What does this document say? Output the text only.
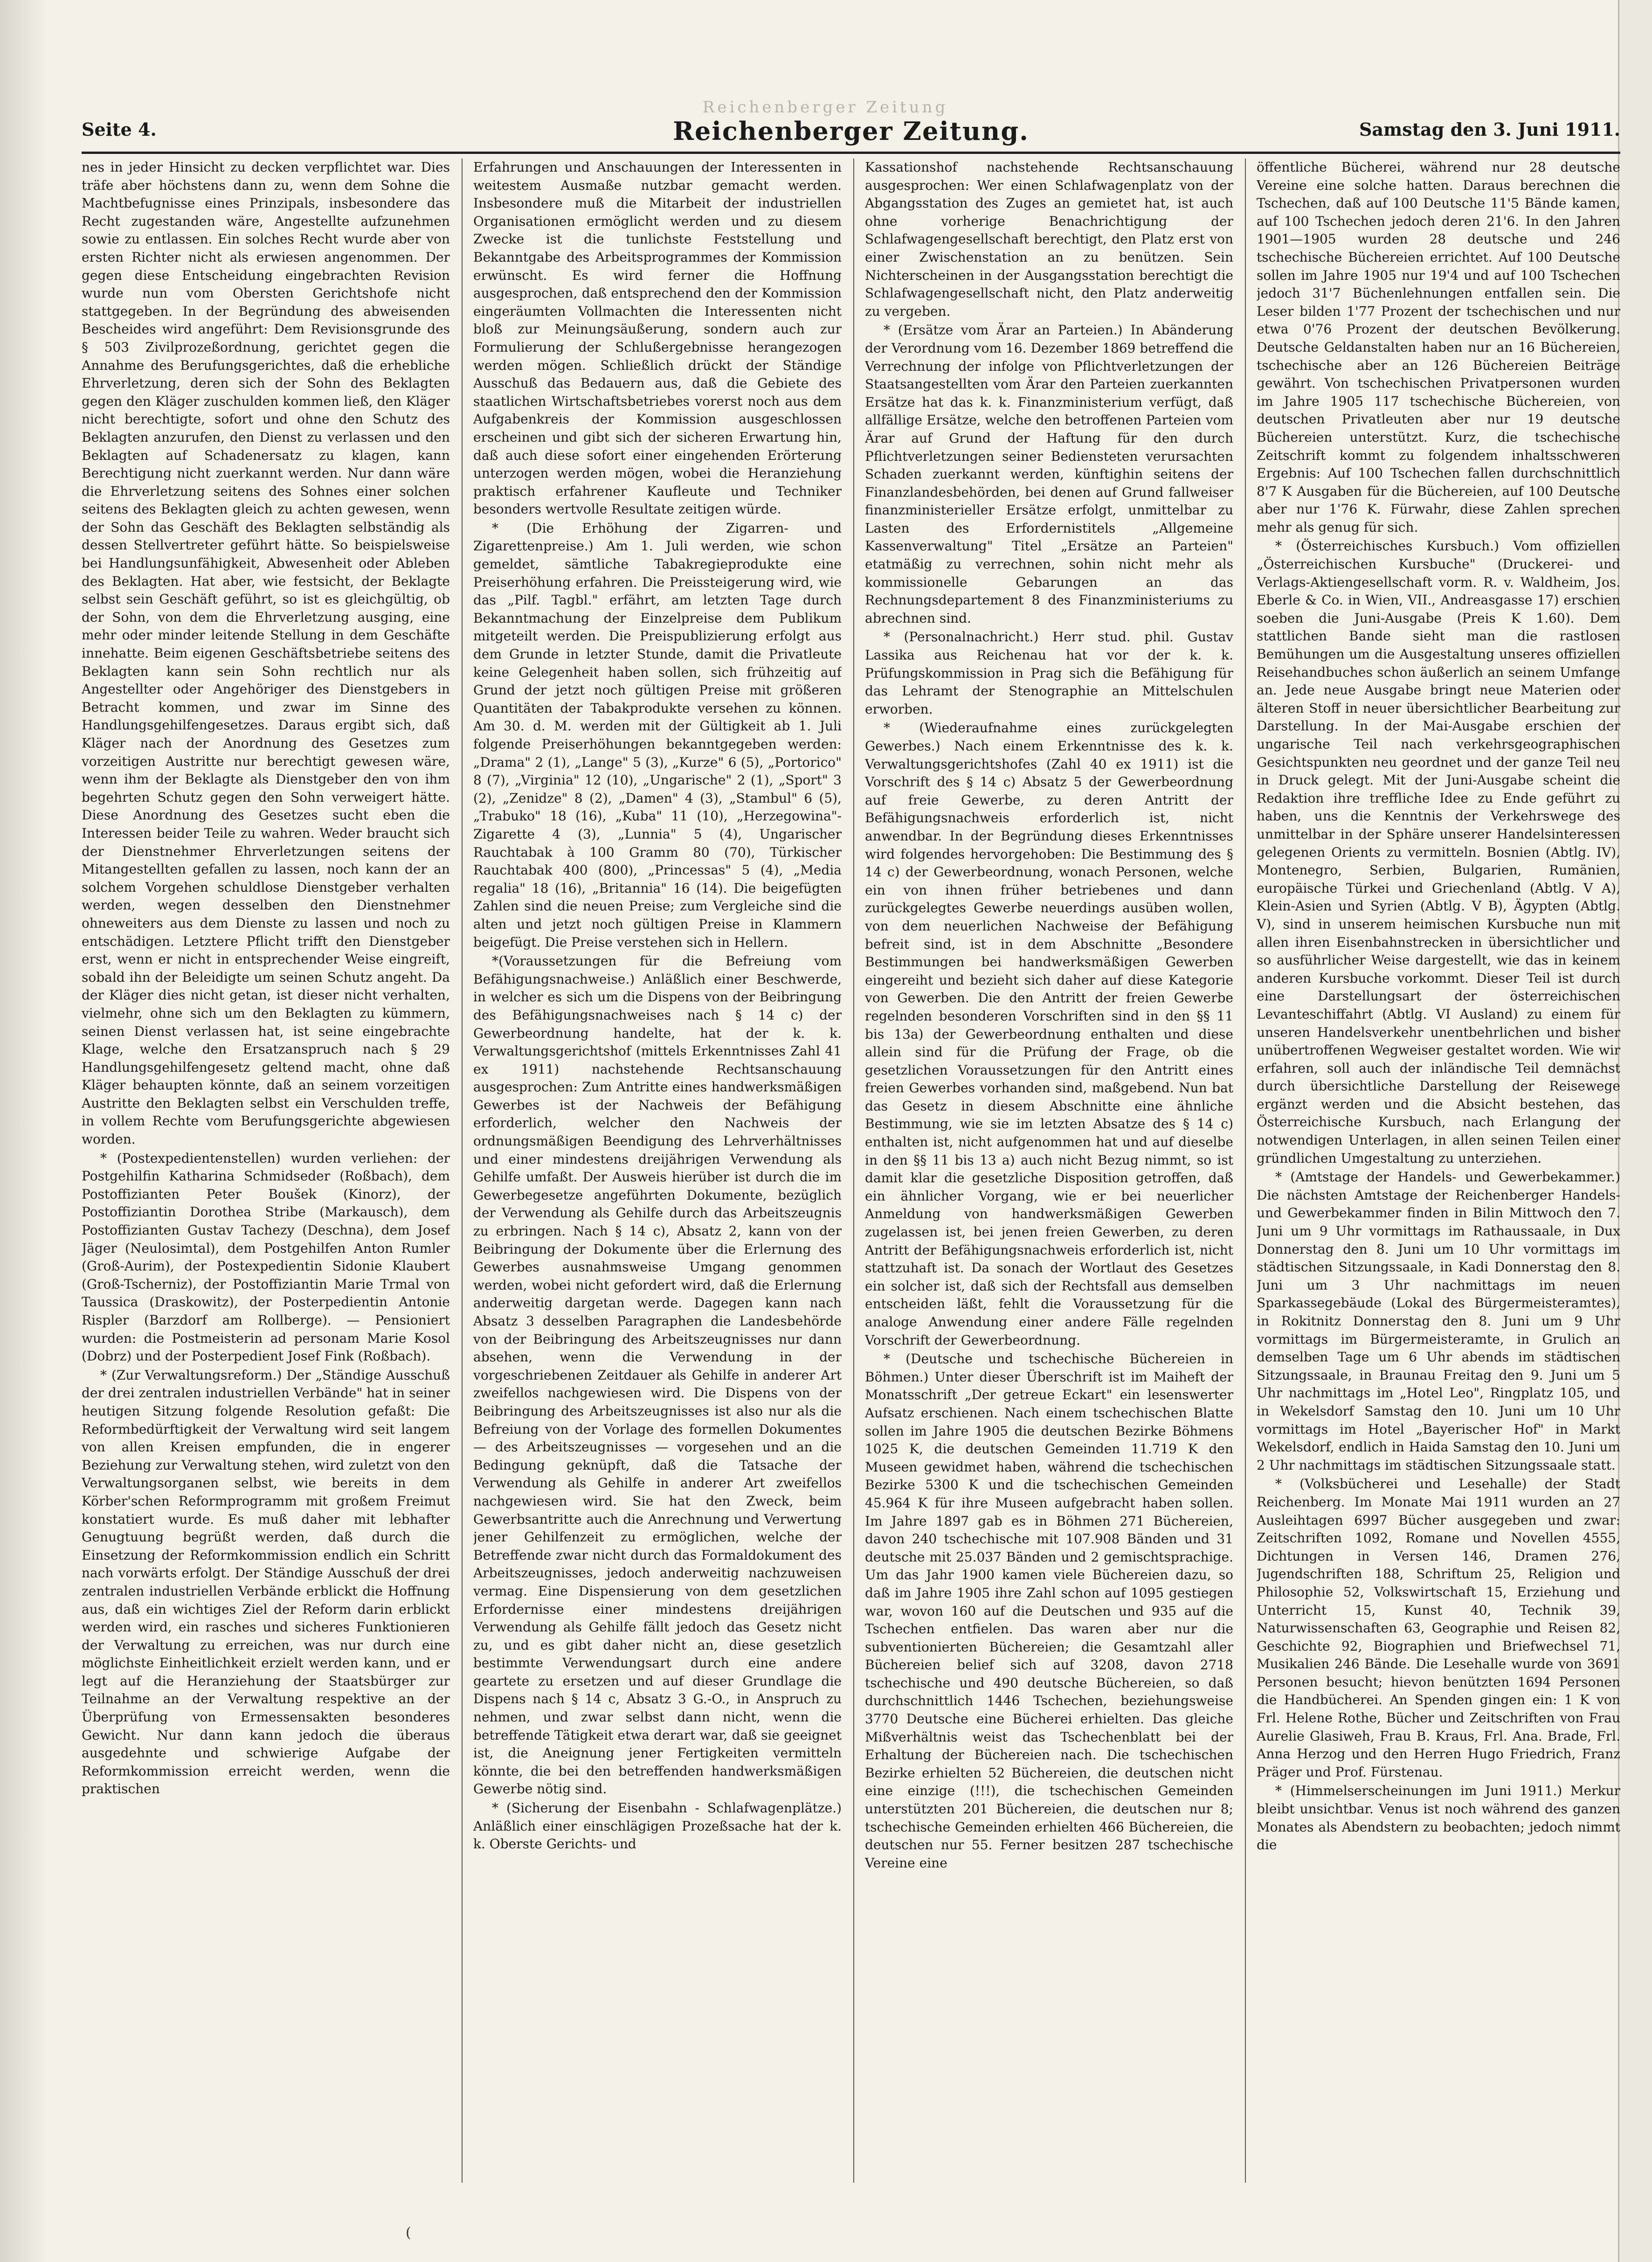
Reichenberger Zeitung
Seite 4.	Reichenberger Zeitung.	Samstag den 3. Juni 1911.

nes in jeder Hinsicht zu decken verpflichtet war. Dies träfe aber höchstens dann zu, wenn dem Sohne die Machtbefugnisse eines Prinzipals, insbesondere das Recht zugestanden wäre, Angestellte aufzunehmen sowie zu entlassen. Ein solches Recht wurde aber von ersten Richter nicht als erwiesen angenommen. Der gegen diese Entscheidung eingebrachten Revision wurde nun vom Obersten Gerichtshofe nicht stattgegeben. In der Begründung des abweisenden Bescheides wird angeführt: Dem Revisionsgrunde des § 503 Zivilprozeßordnung, gerichtet gegen die Annahme des Berufungsgerichtes, daß die erhebliche Ehrverletzung, deren sich der Sohn des Beklagten gegen den Kläger zuschulden kommen ließ, den Kläger nicht berechtigte, sofort und ohne den Schutz des Beklagten anzurufen, den Dienst zu verlassen und den Beklagten auf Schadenersatz zu klagen, kann Berechtigung nicht zuerkannt werden. Nur dann wäre die Ehrverletzung seitens des Sohnes einer solchen seitens des Beklagten gleich zu achten gewesen, wenn der Sohn das Geschäft des Beklagten selbständig als dessen Stellvertreter geführt hätte. So beispielsweise bei Handlungsunfähigkeit, Abwesenheit oder Ableben des Beklagten. Hat aber, wie festsicht, der Beklagte selbst sein Geschäft geführt, so ist es gleichgültig, ob der Sohn, von dem die Ehrverletzung ausging, eine mehr oder minder leitende Stellung in dem Geschäfte innehatte. Beim eigenen Geschäftsbetriebe seitens des Beklagten kann sein Sohn rechtlich nur als Angestellter oder Angehöriger des Dienstgebers in Betracht kommen, und zwar im Sinne des Handlungsgehilfengesetzes. Daraus ergibt sich, daß Kläger nach der Anordnung des Gesetzes zum vorzeitigen Austritte nur berechtigt gewesen wäre, wenn ihm der Beklagte als Dienstgeber den von ihm begehrten Schutz gegen den Sohn verweigert hätte. Diese Anordnung des Gesetzes sucht eben die Interessen beider Teile zu wahren. Weder braucht sich der Dienstnehmer Ehrverletzungen seitens der Mitangestellten gefallen zu lassen, noch kann der an solchem Vorgehen schuldlose Dienstgeber verhalten werden, wegen desselben den Dienstnehmer ohneweiters aus dem Dienste zu lassen und noch zu entschädigen. Letztere Pflicht trifft den Dienstgeber erst, wenn er nicht in entsprechender Weise eingreift, sobald ihn der Beleidigte um seinen Schutz angeht. Da der Kläger dies nicht getan, ist dieser nicht verhalten, vielmehr, ohne sich um den Beklagten zu kümmern, seinen Dienst verlassen hat, ist seine eingebrachte Klage, welche den Ersatzanspruch nach § 29 Handlungsgehilfengesetz geltend macht, ohne daß Kläger behaupten könnte, daß an seinem vorzeitigen Austritte den Beklagten selbst ein Verschulden treffe, in vollem Rechte vom Berufungsgerichte abgewiesen worden.

* (Postexpedientenstellen) wurden verliehen: der Postgehilfin Katharina Schmidseder (Roßbach), dem Postoffizianten Peter Boušek (Kinorz), der Postoffiziantin Dorothea Stribe (Markausch), dem Postoffizianten Gustav Tachezy (Deschna), dem Josef Jäger (Neulosimtal), dem Postgehilfen Anton Rumler (Groß-Aurim), der Postexpedientin Sidonie Klaubert (Groß-Tscherniz), der Postoffiziantin Marie Trmal von Taussica (Draskowitz), der Posterpedientin Antonie Rispler (Barzdorf am Rollberge). — Pensioniert wurden: die Postmeisterin ad personam Marie Kosol (Dobrz) und der Posterpedient Josef Fink (Roßbach).

* (Zur Verwaltungsreform.) Der „Ständige Ausschuß der drei zentralen industriellen Verbände" hat in seiner heutigen Sitzung folgende Resolution gefaßt: Die Reformbedürftigkeit der Verwaltung wird seit langem von allen Kreisen empfunden, die in engerer Beziehung zur Verwaltung stehen, wird zuletzt von den Verwaltungsorganen selbst, wie bereits in dem Körber'schen Reformprogramm mit großem Freimut konstatiert wurde. Es muß daher mit lebhafter Genugtuung begrüßt werden, daß durch die Einsetzung der Reformkommission endlich ein Schritt nach vorwärts erfolgt. Der Ständige Ausschuß der drei zentralen industriellen Verbände erblickt die Hoffnung aus, daß ein wichtiges Ziel der Reform darin erblickt werden wird, ein rasches und sicheres Funktionieren der Verwaltung zu erreichen, was nur durch eine möglichste Einheitlichkeit erzielt werden kann, und er legt auf die Heranziehung der Staatsbürger zur Teilnahme an der Verwaltung respektive an der Überprüfung von Ermessensakten besonderes Gewicht. Nur dann kann jedoch die überaus ausgedehnte und schwierige Aufgabe der Reformkommission erreicht werden, wenn die praktischen

Erfahrungen und Anschauungen der Interessenten in weitestem Ausmaße nutzbar gemacht werden. Insbesondere muß die Mitarbeit der industriellen Organisationen ermöglicht werden und zu diesem Zwecke ist die tunlichste Feststellung und Bekanntgabe des Arbeitsprogrammes der Kommission erwünscht. Es wird ferner die Hoffnung ausgesprochen, daß entsprechend den der Kommission eingeräumten Vollmachten die Interessenten nicht bloß zur Meinungsäußerung, sondern auch zur Formulierung der Schlußergebnisse herangezogen werden mögen. Schließlich drückt der Ständige Ausschuß das Bedauern aus, daß die Gebiete des staatlichen Wirtschaftsbetriebes vorerst noch aus dem Aufgabenkreis der Kommission ausgeschlossen erscheinen und gibt sich der sicheren Erwartung hin, daß auch diese sofort einer eingehenden Erörterung unterzogen werden mögen, wobei die Heranziehung praktisch erfahrener Kaufleute und Techniker besonders wertvolle Resultate zeitigen würde.

* (Die Erhöhung der Zigarren- und Zigarettenpreise.) Am 1. Juli werden, wie schon gemeldet, sämtliche Tabakregieprodukte eine Preiserhöhung erfahren. Die Preissteigerung wird, wie das „Pilf. Tagbl." erfährt, am letzten Tage durch Bekanntmachung der Einzelpreise dem Publikum mitgeteilt werden. Die Preispublizierung erfolgt aus dem Grunde in letzter Stunde, damit die Privatleute keine Gelegenheit haben sollen, sich frühzeitig auf Grund der jetzt noch gültigen Preise mit größeren Quantitäten der Tabakprodukte versehen zu können. Am 30. d. M. werden mit der Gültigkeit ab 1. Juli folgende Preiserhöhungen bekanntgegeben werden: „Drama" 2 (1), „Lange" 5 (3), „Kurze" 6 (5), „Portorico" 8 (7), „Virginia" 12 (10), „Ungarische" 2 (1), „Sport" 3 (2), „Zenidze" 8 (2), „Damen" 4 (3), „Stambul" 6 (5), „Trabuko" 18 (16), „Kuba" 11 (10), „Herzegowina"-Zigarette 4 (3), „Lunnia" 5 (4), Ungarischer Rauchtabak à 100 Gramm 80 (70), Türkischer Rauchtabak 400 (800), „Princessas" 5 (4), „Media regalia" 18 (16), „Britannia" 16 (14). Die beigefügten Zahlen sind die neuen Preise; zum Vergleiche sind die alten und jetzt noch gültigen Preise in Klammern beigefügt. Die Preise verstehen sich in Hellern.

*(Voraussetzungen für die Befreiung vom Befähigungsnachweise.) Anläßlich einer Beschwerde, in welcher es sich um die Dispens von der Beibringung des Befähigungsnachweises nach § 14 c) der Gewerbeordnung handelte, hat der k. k. Verwaltungsgerichtshof (mittels Erkenntnisses Zahl 41 ex 1911) nachstehende Rechtsanschauung ausgesprochen: Zum Antritte eines handwerksmäßigen Gewerbes ist der Nachweis der Befähigung erforderlich, welcher den Nachweis der ordnungsmäßigen Beendigung des Lehrverhältnisses und einer mindestens dreijährigen Verwendung als Gehilfe umfaßt. Der Ausweis hierüber ist durch die im Gewerbegesetze angeführten Dokumente, bezüglich der Verwendung als Gehilfe durch das Arbeitszeugnis zu erbringen. Nach § 14 c), Absatz 2, kann von der Beibringung der Dokumente über die Erlernung des Gewerbes ausnahmsweise Umgang genommen werden, wobei nicht gefordert wird, daß die Erlernung anderweitig dargetan werde. Dagegen kann nach Absatz 3 desselben Paragraphen die Landesbehörde von der Beibringung des Arbeitszeugnisses nur dann absehen, wenn die Verwendung in der vorgeschriebenen Zeitdauer als Gehilfe in anderer Art zweifellos nachgewiesen wird. Die Dispens von der Beibringung des Arbeitszeugnisses ist also nur als die Befreiung von der Vorlage des formellen Dokumentes — des Arbeitszeugnisses — vorgesehen und an die Bedingung geknüpft, daß die Tatsache der Verwendung als Gehilfe in anderer Art zweifellos nachgewiesen wird. Sie hat den Zweck, beim Gewerbsantritte auch die Anrechnung und Verwertung jener Gehilfenzeit zu ermöglichen, welche der Betreffende zwar nicht durch das Formaldokument des Arbeitszeugnisses, jedoch anderweitig nachzuweisen vermag. Eine Dispensierung von dem gesetzlichen Erfordernisse einer mindestens dreijährigen Verwendung als Gehilfe fällt jedoch das Gesetz nicht zu, und es gibt daher nicht an, diese gesetzlich bestimmte Verwendungsart durch eine andere geartete zu ersetzen und auf dieser Grundlage die Dispens nach § 14 c, Absatz 3 G.-O., in Anspruch zu nehmen, und zwar selbst dann nicht, wenn die betreffende Tätigkeit etwa derart war, daß sie geeignet ist, die Aneignung jener Fertigkeiten vermitteln könnte, die bei den betreffenden handwerksmäßigen Gewerbe nötig sind.

* (Sicherung der Eisenbahn - Schlafwagenplätze.) Anläßlich einer einschlägigen Prozeßsache hat der k. k. Oberste Gerichts- und

Kassationshof nachstehende Rechtsanschauung ausgesprochen: Wer einen Schlafwagenplatz von der Abgangsstation des Zuges an gemietet hat, ist auch ohne vorherige Benachrichtigung der Schlafwagengesellschaft berechtigt, den Platz erst von einer Zwischenstation an zu benützen. Sein Nichterscheinen in der Ausgangsstation berechtigt die Schlafwagengesellschaft nicht, den Platz anderweitig zu vergeben.

* (Ersätze vom Ärar an Parteien.) In Abänderung der Verordnung vom 16. Dezember 1869 betreffend die Verrechnung der infolge von Pflichtverletzungen der Staatsangestellten vom Ärar den Parteien zuerkannten Ersätze hat das k. k. Finanzministerium verfügt, daß allfällige Ersätze, welche den betroffenen Parteien vom Ärar auf Grund der Haftung für den durch Pflichtverletzungen seiner Bediensteten verursachten Schaden zuerkannt werden, künftighin seitens der Finanzlandesbehörden, bei denen auf Grund fallweiser finanzministerieller Ersätze erfolgt, unmittelbar zu Lasten des Erfordernistitels „Allgemeine Kassenverwaltung" Titel „Ersätze an Parteien" etatmäßig zu verrechnen, sohin nicht mehr als kommissionelle Gebarungen an das Rechnungsdepartement 8 des Finanzministeriums zu abrechnen sind.

* (Personalnachricht.) Herr stud. phil. Gustav Lassika aus Reichenau hat vor der k. k. Prüfungskommission in Prag sich die Befähigung für das Lehramt der Stenographie an Mittelschulen erworben.

* (Wiederaufnahme eines zurückgelegten Gewerbes.) Nach einem Erkenntnisse des k. k. Verwaltungsgerichtshofes (Zahl 40 ex 1911) ist die Vorschrift des § 14 c) Absatz 5 der Gewerbeordnung auf freie Gewerbe, zu deren Antritt der Befähigungsnachweis erforderlich ist, nicht anwendbar. In der Begründung dieses Erkenntnisses wird folgendes hervorgehoben: Die Bestimmung des § 14 c) der Gewerbeordnung, wonach Personen, welche ein von ihnen früher betriebenes und dann zurückgelegtes Gewerbe neuerdings ausüben wollen, von dem neuerlichen Nachweise der Befähigung befreit sind, ist in dem Abschnitte „Besondere Bestimmungen bei handwerksmäßigen Gewerben eingereiht und bezieht sich daher auf diese Kategorie von Gewerben. Die den Antritt der freien Gewerbe regelnden besonderen Vorschriften sind in den §§ 11 bis 13a) der Gewerbeordnung enthalten und diese allein sind für die Prüfung der Frage, ob die gesetzlichen Voraussetzungen für den Antritt eines freien Gewerbes vorhanden sind, maßgebend. Nun bat das Gesetz in diesem Abschnitte eine ähnliche Bestimmung, wie sie im letzten Absatze des § 14 c) enthalten ist, nicht aufgenommen hat und auf dieselbe in den §§ 11 bis 13 a) auch nicht Bezug nimmt, so ist damit klar die gesetzliche Disposition getroffen, daß ein ähnlicher Vorgang, wie er bei neuerlicher Anmeldung von handwerksmäßigen Gewerben zugelassen ist, bei jenen freien Gewerben, zu deren Antritt der Befähigungsnachweis erforderlich ist, nicht stattzuhaft ist. Da sonach der Wortlaut des Gesetzes ein solcher ist, daß sich der Rechtsfall aus demselben entscheiden läßt, fehlt die Voraussetzung für die analoge Anwendung einer andere Fälle regelnden Vorschrift der Gewerbeordnung.

* (Deutsche und tschechische Büchereien in Böhmen.) Unter dieser Überschrift ist im Maiheft der Monatsschrift „Der getreue Eckart" ein lesenswerter Aufsatz erschienen. Nach einem tschechischen Blatte sollen im Jahre 1905 die deutschen Bezirke Böhmens 1025 K, die deutschen Gemeinden 11.719 K den Museen gewidmet haben, während die tschechischen Bezirke 5300 K und die tschechischen Gemeinden 45.964 K für ihre Museen aufgebracht haben sollen. Im Jahre 1897 gab es in Böhmen 271 Büchereien, davon 240 tschechische mit 107.908 Bänden und 31 deutsche mit 25.037 Bänden und 2 gemischtsprachige. Um das Jahr 1900 kamen viele Büchereien dazu, so daß im Jahre 1905 ihre Zahl schon auf 1095 gestiegen war, wovon 160 auf die Deutschen und 935 auf die Tschechen entfielen. Das waren aber nur die subventionierten Büchereien; die Gesamtzahl aller Büchereien belief sich auf 3208, davon 2718 tschechische und 490 deutsche Büchereien, so daß durchschnittlich 1446 Tschechen, beziehungsweise 3770 Deutsche eine Bücherei erhielten. Das gleiche Mißverhältnis weist das Tschechenblatt bei der Erhaltung der Büchereien nach. Die tschechischen Bezirke erhielten 52 Büchereien, die deutschen nicht eine einzige (!!!), die tschechischen Gemeinden unterstützten 201 Büchereien, die deutschen nur 8; tschechische Gemeinden erhielten 466 Büchereien, die deutschen nur 55. Ferner besitzen 287 tschechische Vereine eine

öffentliche Bücherei, während nur 28 deutsche Vereine eine solche hatten. Daraus berechnen die Tschechen, daß auf 100 Deutsche 11'5 Bände kamen, auf 100 Tschechen jedoch deren 21'6. In den Jahren 1901—1905 wurden 28 deutsche und 246 tschechische Büchereien errichtet. Auf 100 Deutsche sollen im Jahre 1905 nur 19'4 und auf 100 Tschechen jedoch 31'7 Büchenlehnungen entfallen sein. Die Leser bilden 1'77 Prozent der tschechischen und nur etwa 0'76 Prozent der deutschen Bevölkerung. Deutsche Geldanstalten haben nur an 16 Büchereien, tschechische aber an 126 Büchereien Beiträge gewährt. Von tschechischen Privatpersonen wurden im Jahre 1905 117 tschechische Büchereien, von deutschen Privatleuten aber nur 19 deutsche Büchereien unterstützt. Kurz, die tschechische Zeitschrift kommt zu folgendem inhaltsschweren Ergebnis: Auf 100 Tschechen fallen durchschnittlich 8'7 K Ausgaben für die Büchereien, auf 100 Deutsche aber nur 1'76 K. Fürwahr, diese Zahlen sprechen mehr als genug für sich.

* (Österreichisches Kursbuch.) Vom offiziellen „Österreichischen Kursbuche" (Druckerei- und Verlags-Aktiengesellschaft vorm. R. v. Waldheim, Jos. Eberle & Co. in Wien, VII., Andreasgasse 17) erschien soeben die Juni-Ausgabe (Preis K 1.60). Dem stattlichen Bande sieht man die rastlosen Bemühungen um die Ausgestaltung unseres offiziellen Reisehandbuches schon äußerlich an seinem Umfange an. Jede neue Ausgabe bringt neue Materien oder älteren Stoff in neuer übersichtlicher Bearbeitung zur Darstellung. In der Mai-Ausgabe erschien der ungarische Teil nach verkehrsgeographischen Gesichtspunkten neu geordnet und der ganze Teil neu in Druck gelegt. Mit der Juni-Ausgabe scheint die Redaktion ihre treffliche Idee zu Ende geführt zu haben, uns die Kenntnis der Verkehrswege des unmittelbar in der Sphäre unserer Handelsinteressen gelegenen Orients zu vermitteln. Bosnien (Abtlg. IV), Montenegro, Serbien, Bulgarien, Rumänien, europäische Türkei und Griechenland (Abtlg. V A), Klein-Asien und Syrien (Abtlg. V B), Ägypten (Abtlg. V), sind in unserem heimischen Kursbuche nun mit allen ihren Eisenbahnstrecken in übersichtlicher und so ausführlicher Weise dargestellt, wie das in keinem anderen Kursbuche vorkommt. Dieser Teil ist durch eine Darstellungsart der österreichischen Levanteschiffahrt (Abtlg. VI Ausland) zu einem für unseren Handelsverkehr unentbehrlichen und bisher unübertroffenen Wegweiser gestaltet worden. Wie wir erfahren, soll auch der inländische Teil demnächst durch übersichtliche Darstellung der Reisewege ergänzt werden und die Absicht bestehen, das Österreichische Kursbuch, nach Erlangung der notwendigen Unterlagen, in allen seinen Teilen einer gründlichen Umgestaltung zu unterziehen.

* (Amtstage der Handels- und Gewerbekammer.) Die nächsten Amtstage der Reichenberger Handels- und Gewerbekammer finden in Bilin Mittwoch den 7. Juni um 9 Uhr vormittags im Rathaussaale, in Dux Donnerstag den 8. Juni um 10 Uhr vormittags im städtischen Sitzungssaale, in Kadi Donnerstag den 8. Juni um 3 Uhr nachmittags im neuen Sparkassegebäude (Lokal des Bürgermeisteramtes), in Rokitnitz Donnerstag den 8. Juni um 9 Uhr vormittags im Bürgermeisteramte, in Grulich an demselben Tage um 6 Uhr abends im städtischen Sitzungssaale, in Braunau Freitag den 9. Juni um 5 Uhr nachmittags im „Hotel Leo", Ringplatz 105, und in Wekelsdorf Samstag den 10. Juni um 10 Uhr vormittags im Hotel „Bayerischer Hof" in Markt Wekelsdorf, endlich in Haida Samstag den 10. Juni um 2 Uhr nachmittags im städtischen Sitzungssaale statt.

* (Volksbücherei und Lesehalle) der Stadt Reichenberg. Im Monate Mai 1911 wurden an 27 Ausleihtagen 6997 Bücher ausgegeben und zwar: Zeitschriften 1092, Romane und Novellen 4555, Dichtungen in Versen 146, Dramen 276, Jugendschriften 188, Schriftum 25, Religion und Philosophie 52, Volkswirtschaft 15, Erziehung und Unterricht 15, Kunst 40, Technik 39, Naturwissenschaften 63, Geographie und Reisen 82, Geschichte 92, Biographien und Briefwechsel 71, Musikalien 246 Bände. Die Lesehalle wurde von 3691 Personen besucht; hievon benützten 1694 Personen die Handbücherei. An Spenden gingen ein: 1 K von Frl. Helene Rothe, Bücher und Zeitschriften von Frau Aurelie Glasiweh, Frau B. Kraus, Frl. Ana. Brade, Frl. Anna Herzog und den Herren Hugo Friedrich, Franz Präger und Prof. Fürstenau.

* (Himmelserscheinungen im Juni 1911.) Merkur bleibt unsichtbar. Venus ist noch während des ganzen Monates als Abendstern zu beobachten; jedoch nimmt die

(
